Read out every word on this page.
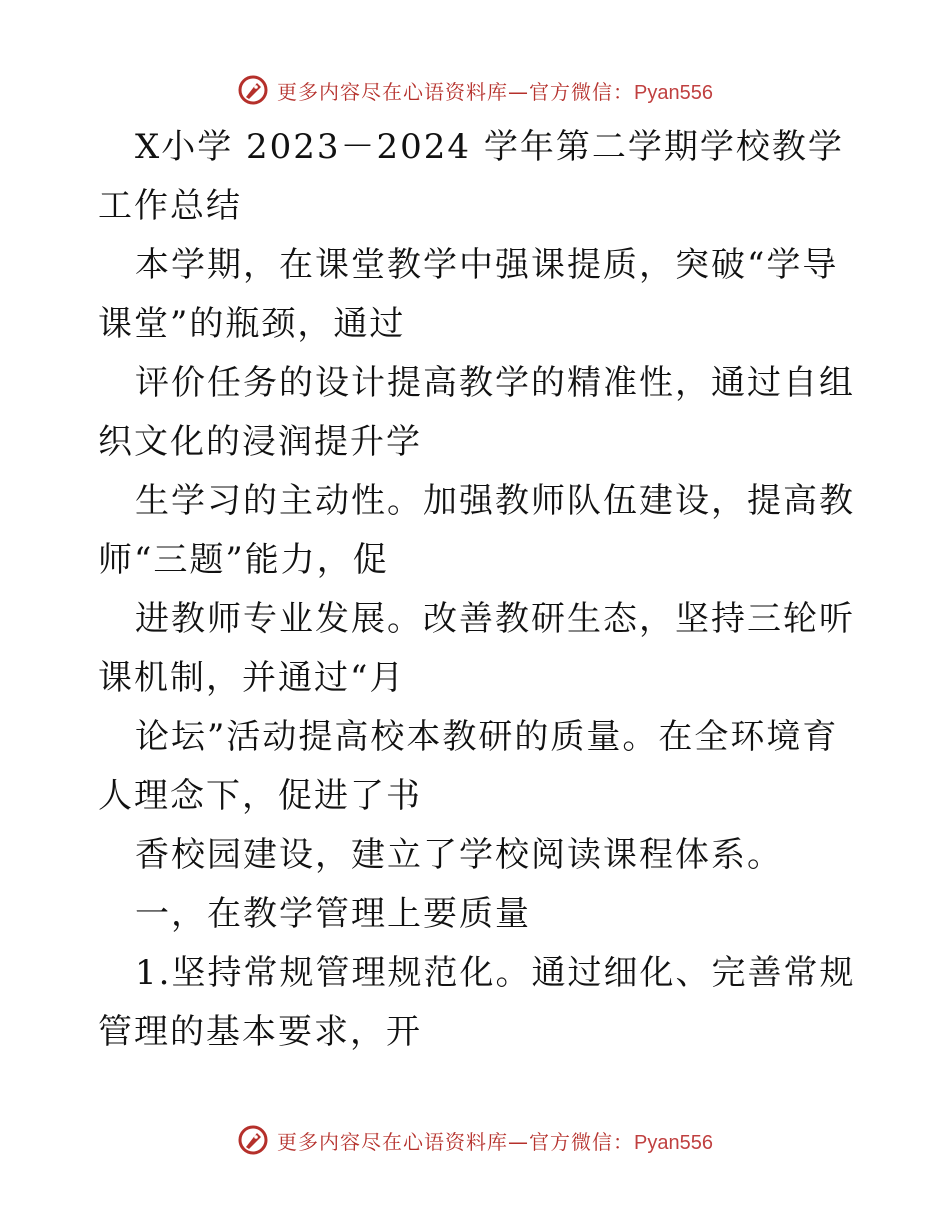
更多内容尽在心语资料库—官方微信：Pyan556

X小学 2023－2024 学年第二学期学校教学工作总结

本学期，在课堂教学中强课提质，突破“学导课堂”的瓶颈，通过

评价任务的设计提高教学的精准性，通过自组织文化的浸润提升学

生学习的主动性。加强教师队伍建设，提高教师“三题”能力，促

进教师专业发展。改善教研生态，坚持三轮听课机制，并通过“月

论坛”活动提高校本教研的质量。在全环境育人理念下，促进了书

香校园建设，建立了学校阅读课程体系。

一，在教学管理上要质量

1.坚持常规管理规范化。通过细化、完善常规管理的基本要求，开

更多内容尽在心语资料库—官方微信：Pyan556
